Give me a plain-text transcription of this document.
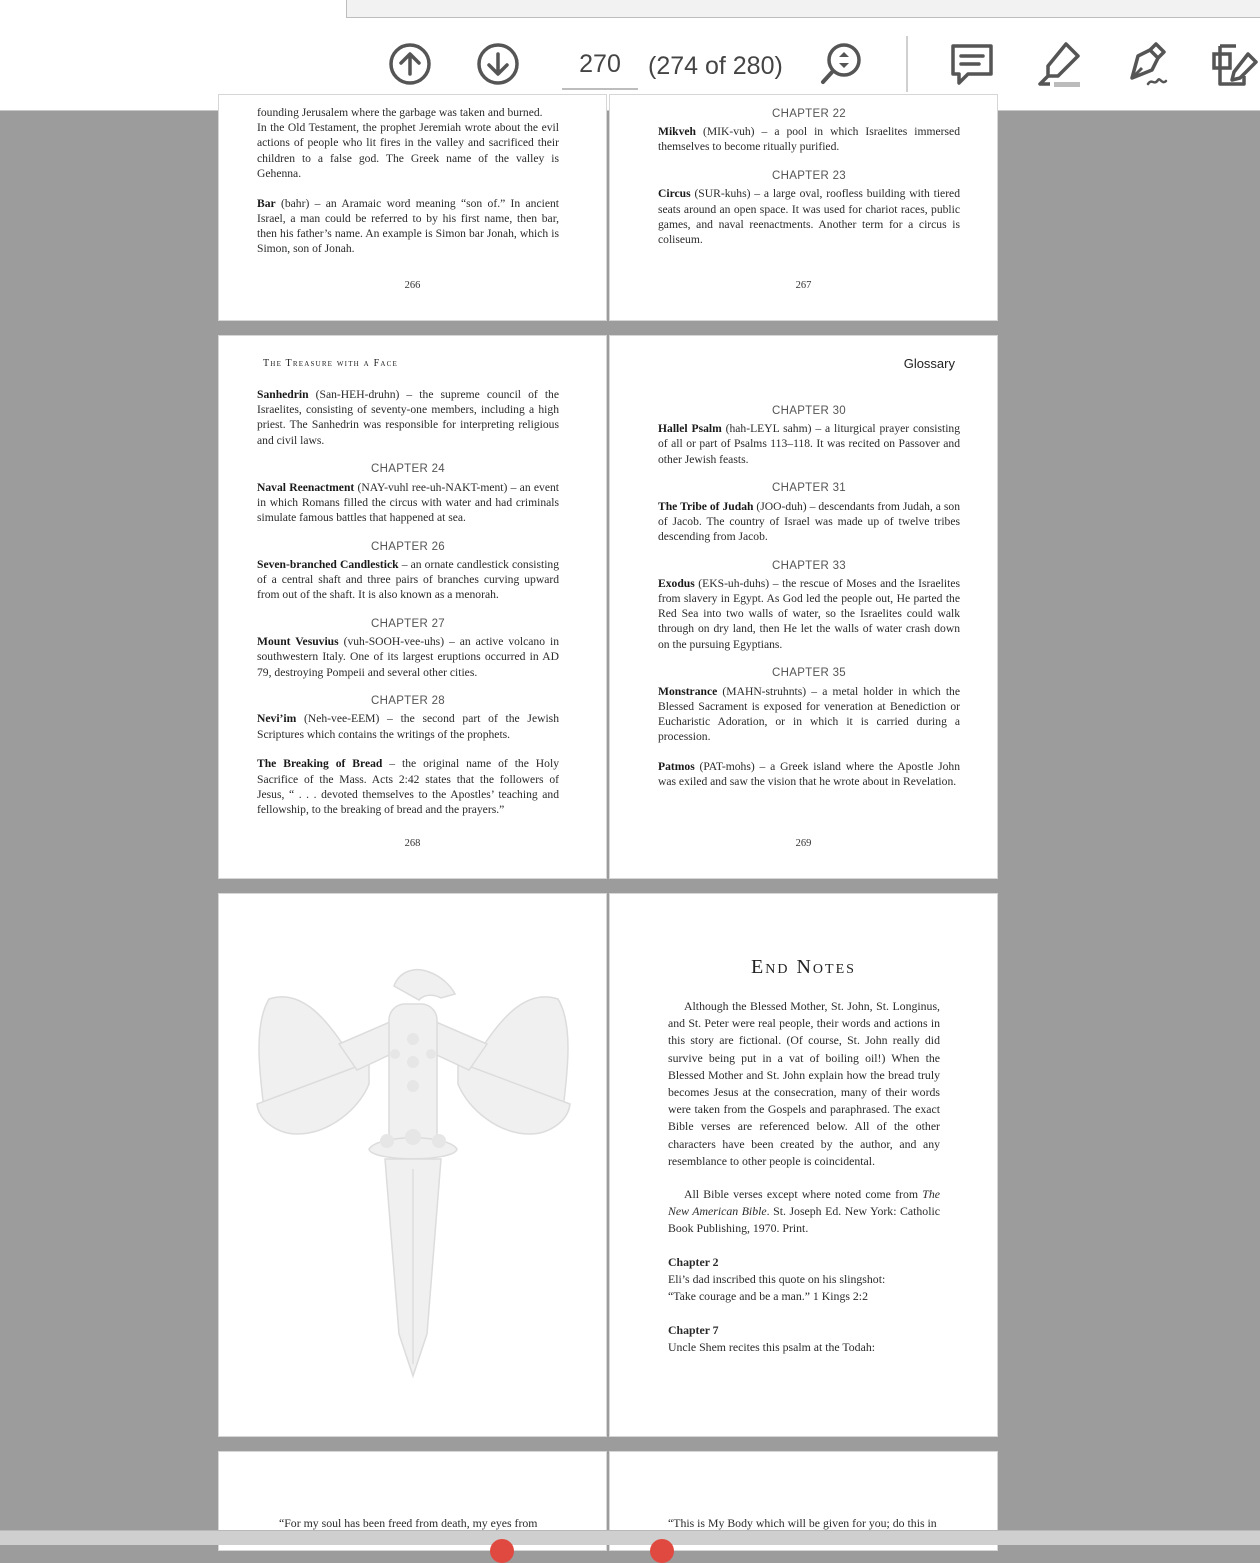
270
(274 of 280)
founding Jerusalem where the garbage was taken and burned.
In the Old Testament, the prophet Jeremiah wrote about the evil actions of people who lit fires in the valley and sacrificed their children to a false god. The Greek name of the valley is Gehenna.
Bar (bahr) – an Aramaic word meaning “son of.” In ancient Israel, a man could be referred to by his first name, then bar, then his father’s name. An example is Simon bar Jonah, which is Simon, son of Jonah.
266
CHAPTER 22
Mikveh (MIK-vuh) – a pool in which Israelites immersed themselves to become ritually purified.
CHAPTER 23
Circus (SUR-kuhs) – a large oval, roofless building with tiered seats around an open space. It was used for chariot races, public games, and naval reenactments. Another term for a circus is coliseum.
267
The Treasure with a Face
Sanhedrin (San-HEH-druhn) – the supreme council of the Israelites, consisting of seventy-one members, including a high priest. The Sanhedrin was responsible for interpreting religious and civil laws.
CHAPTER 24
Naval Reenactment (NAY-vuhl ree-uh-NAKT-ment) – an event in which Romans filled the circus with water and had criminals simulate famous battles that happened at sea.
CHAPTER 26
Seven-branched Candlestick – an ornate candlestick consisting of a central shaft and three pairs of branches curving upward from out of the shaft. It is also known as a menorah.
CHAPTER 27
Mount Vesuvius (vuh-SOOH-vee-uhs) – an active volcano in southwestern Italy. One of its largest eruptions occurred in AD 79, destroying Pompeii and several other cities.
CHAPTER 28
Nevi’im (Neh-vee-EEM) – the second part of the Jewish Scriptures which contains the writings of the prophets.
The Breaking of Bread – the original name of the Holy Sacrifice of the Mass. Acts 2:42 states that the followers of Jesus, “ . . . devoted themselves to the Apostles’ teaching and fellowship, to the breaking of bread and the prayers.”
268
Glossary
CHAPTER 30
Hallel Psalm (hah-LEYL sahm) – a liturgical prayer consisting of all or part of Psalms 113–118. It was recited on Passover and other Jewish feasts.
CHAPTER 31
The Tribe of Judah (JOO-duh) – descendants from Judah, a son of Jacob. The country of Israel was made up of twelve tribes descending from Jacob.
CHAPTER 33
Exodus (EKS-uh-duhs) – the rescue of Moses and the Israelites from slavery in Egypt. As God led the people out, He parted the Red Sea into two walls of water, so the Israelites could walk through on dry land, then He let the walls of water crash down on the pursuing Egyptians.
CHAPTER 35
Monstrance (MAHN-struhnts) – a metal holder in which the Blessed Sacrament is exposed for veneration at Benediction or Eucharistic Adoration, or in which it is carried during a procession.
Patmos (PAT-mohs) – a Greek island where the Apostle John was exiled and saw the vision that he wrote about in Revelation.
269
End Notes

Although the Blessed Mother, St. John, St. Longinus, and St. Peter were real people, their words and actions in this story are fictional. (Of course, St. John really did survive being put in a vat of boiling oil!) When the Blessed Mother and St. John explain how the bread truly becomes Jesus at the consecration, many of their words were taken from the Gospels and paraphrased. The exact Bible verses are referenced below. All of the other characters have been created by the author, and any resemblance to other people is coincidental.

All Bible verses except where noted come from The New American Bible. St. Joseph Ed. New York: Catholic Book Publishing, 1970. Print.

Chapter 2

Eli’s dad inscribed this quote on his slingshot:

“Take courage and be a man.” 1 Kings 2:2

Chapter 7

Uncle Shem recites this psalm at the Todah:

“For my soul has been freed from death, my eyes from	“This is My Body which will be given for you; do this in
